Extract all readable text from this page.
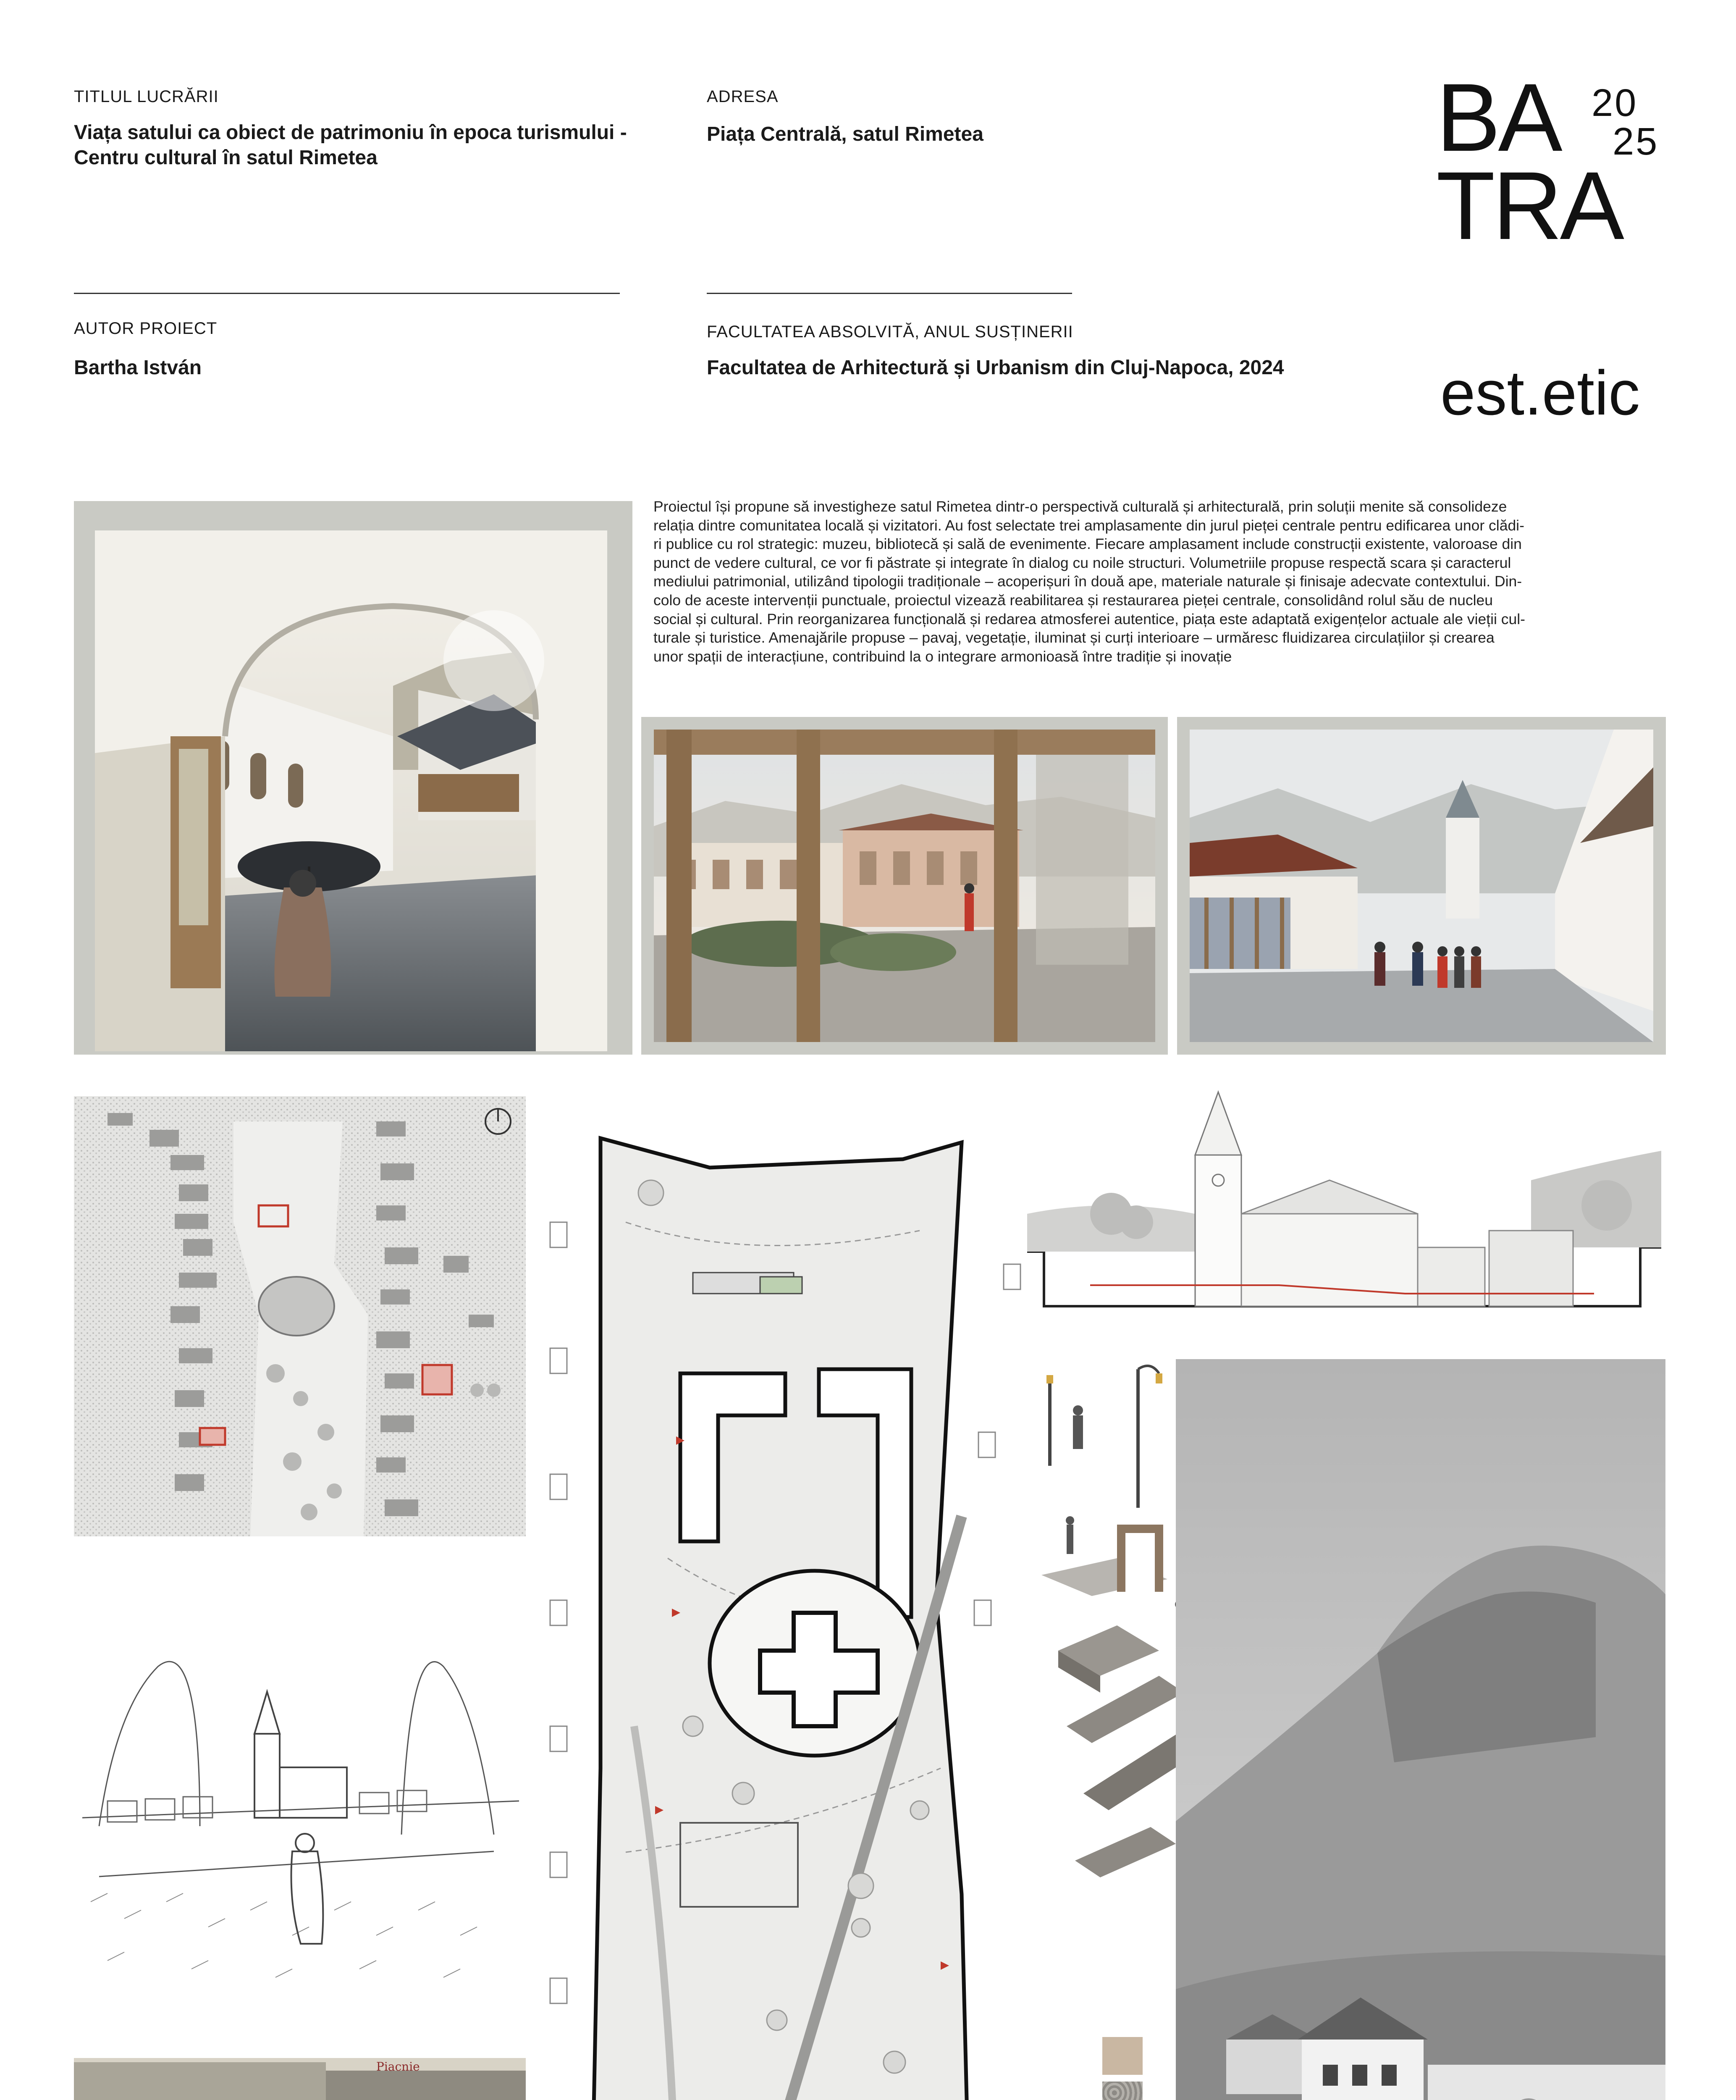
TITLUL LUCRĂRII
Viața satului ca obiect de patrimoniu în epoca turismului -
Centru cultural în satul Rimetea
ADRESA
Piața Centrală, satul Rimetea
AUTOR PROIECT
Bartha István
FACULTATEA ABSOLVITĂ, ANUL SUSȚINERII
Facultatea de Arhitectură și Urbanism din Cluj-Napoca, 2024
BA
TRA
20
25
est.etic
Proiectul își propune să investigheze satul Rimetea dintr-o perspectivă culturală și arhitecturală, prin soluții menite să consolideze
relația dintre comunitatea locală și vizitatori. Au fost selectate trei amplasamente din jurul pieței centrale pentru edificarea unor clădi-
ri publice cu rol strategic: muzeu, bibliotecă și sală de evenimente. Fiecare amplasament include construcții existente, valoroase din
punct de vedere cultural, ce vor fi păstrate și integrate în dialog cu noile structuri. Volumetriile propuse respectă scara și caracterul
mediului patrimonial, utilizând tipologii tradiționale – acoperișuri în două ape, materiale naturale și finisaje adecvate contextului. Din-
colo de aceste intervenții punctuale, proiectul vizează reabilitarea și restaurarea pieței centrale, consolidând rolul său de nucleu
social și cultural. Prin reorganizarea funcțională și redarea atmosferei autentice, piața este adaptată exigențelor actuale ale vieții cul-
turale și turistice. Amenajările propuse – pavaj, vegetație, iluminat și curți interioare – urmăresc fluidizarea circulațiilor și crearea
unor spații de interacțiune, contribuind la o integrare armonioasă între tradiție și inovație
Piacnie
